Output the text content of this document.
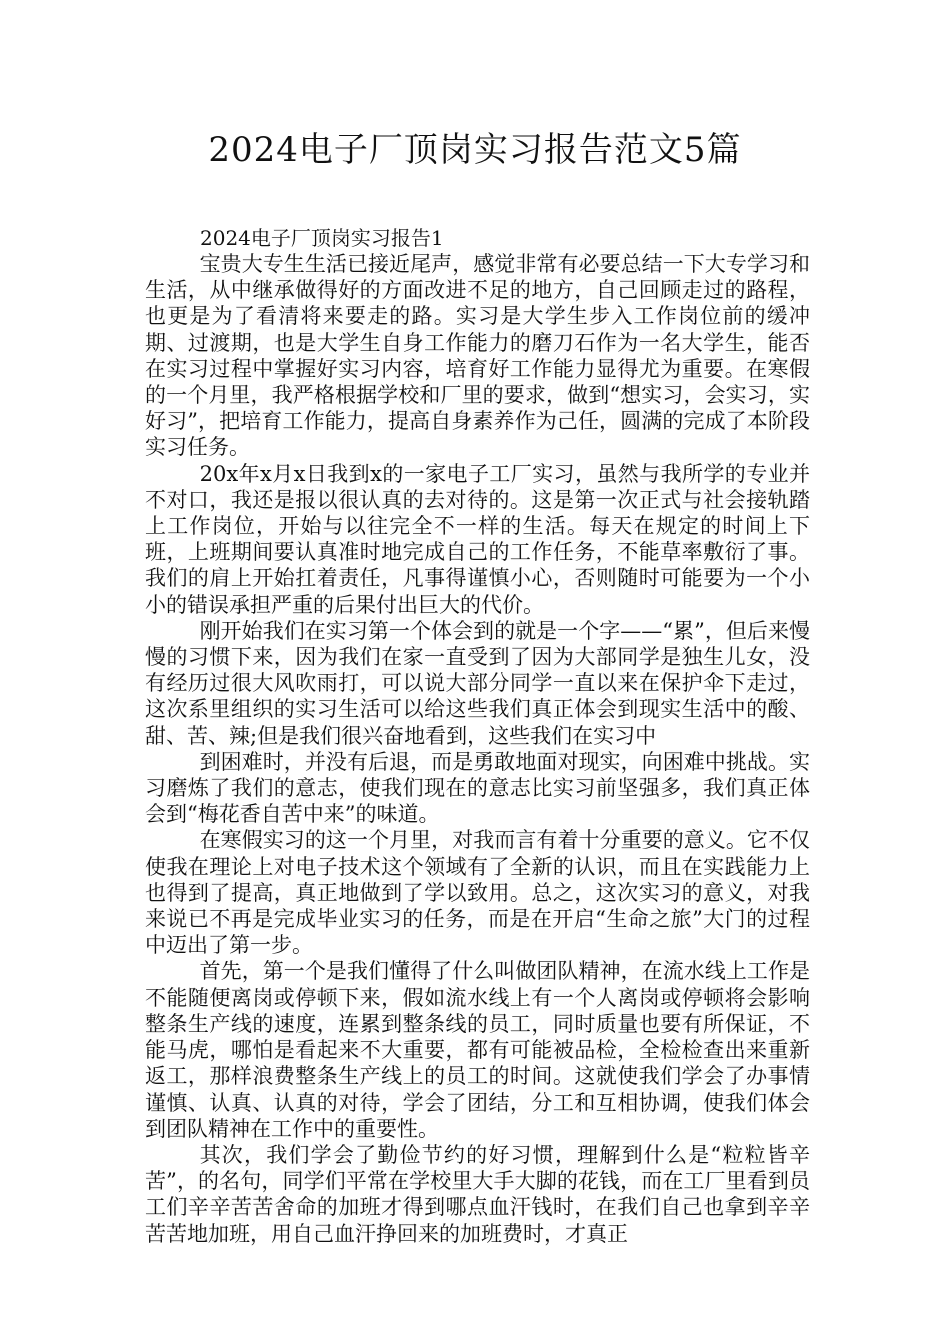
2024电子厂顶岗实习报告范文5篇

2024电子厂顶岗实习报告1

宝贵大专生生活已接近尾声，感觉非常有必要总结一下大专学习和生活，从中继承做得好的方面改进不足的地方，自己回顾走过的路程，也更是为了看清将来要走的路。实习是大学生步入工作岗位前的缓冲期、过渡期，也是大学生自身工作能力的磨刀石作为一名大学生，能否在实习过程中掌握好实习内容，培育好工作能力显得尤为重要。在寒假的一个月里，我严格根据学校和厂里的要求，做到“想实习，会实习，实好习”，把培育工作能力，提高自身素养作为己任，圆满的完成了本阶段实习任务。

20x年x月x日我到x的一家电子工厂实习，虽然与我所学的专业并不对口，我还是报以很认真的去对待的。这是第一次正式与社会接轨踏上工作岗位，开始与以往完全不一样的生活。每天在规定的时间上下班，上班期间要认真准时地完成自己的工作任务，不能草率敷衍了事。我们的肩上开始扛着责任，凡事得谨慎小心，否则随时可能要为一个小小的错误承担严重的后果付出巨大的代价。

刚开始我们在实习第一个体会到的就是一个字——“累”，但后来慢慢的习惯下来，因为我们在家一直受到了因为大部同学是独生儿女，没有经历过很大风吹雨打，可以说大部分同学一直以来在保护伞下走过，这次系里组织的实习生活可以给这些我们真正体会到现实生活中的酸、甜、苦、辣;但是我们很兴奋地看到，这些我们在实习中

到困难时，并没有后退，而是勇敢地面对现实，向困难中挑战。实习磨炼了我们的意志，使我们现在的意志比实习前坚强多，我们真正体会到“梅花香自苦中来”的味道。

在寒假实习的这一个月里，对我而言有着十分重要的意义。它不仅使我在理论上对电子技术这个领域有了全新的认识，而且在实践能力上也得到了提高，真正地做到了学以致用。总之，这次实习的意义，对我来说已不再是完成毕业实习的任务，而是在开启“生命之旅”大门的过程中迈出了第一步。

首先，第一个是我们懂得了什么叫做团队精神，在流水线上工作是不能随便离岗或停顿下来，假如流水线上有一个人离岗或停顿将会影响整条生产线的速度，连累到整条线的员工，同时质量也要有所保证，不能马虎，哪怕是看起来不大重要，都有可能被品检，全检检查出来重新返工，那样浪费整条生产线上的员工的时间。这就使我们学会了办事情谨慎、认真、认真的对待，学会了团结，分工和互相协调，使我们体会到团队精神在工作中的重要性。

其次，我们学会了勤俭节约的好习惯，理解到什么是“粒粒皆辛苦”，的名句，同学们平常在学校里大手大脚的花钱，而在工厂里看到员工们辛辛苦苦舍命的加班才得到哪点血汗钱时，在我们自己也拿到辛辛苦苦地加班，用自己血汗挣回来的加班费时，才真正
